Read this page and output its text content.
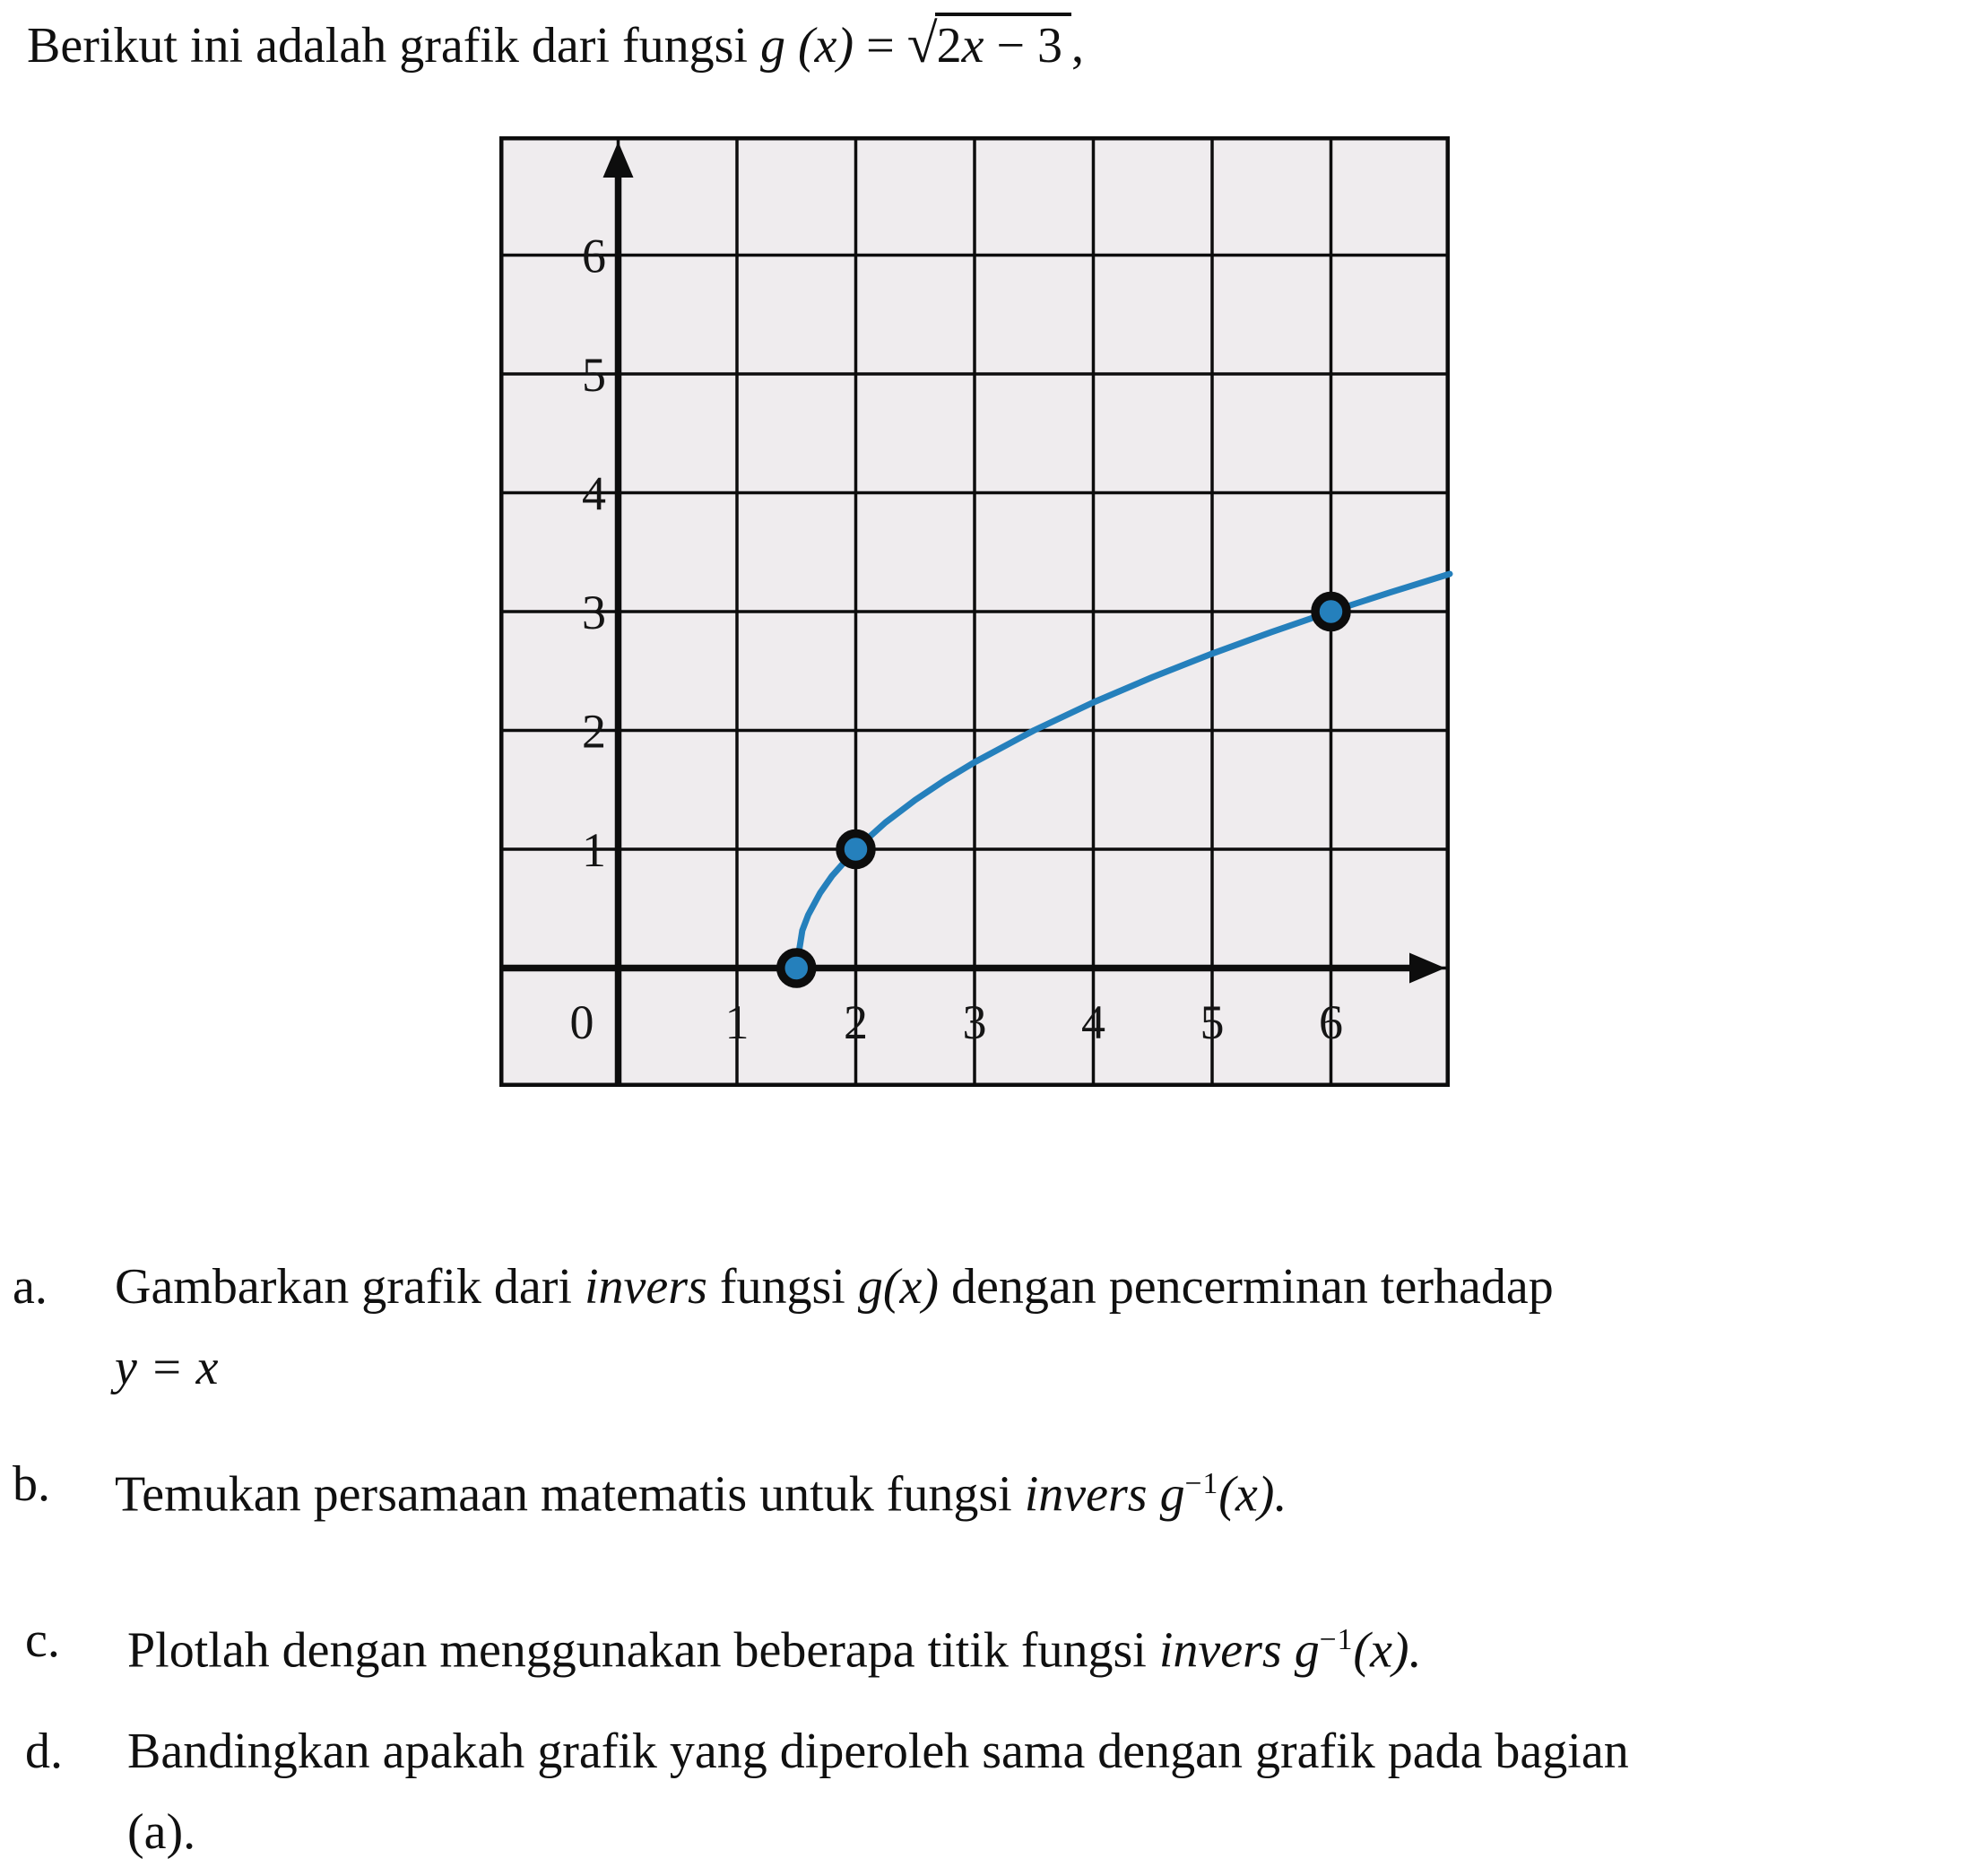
Berikut ini adalah grafik dari fungsi g (x) = √2x − 3 ,
0	1 2 3 4 5 6
6
5
4
3
2
1
a.	Gambarkan grafik dari invers fungsi g(x) dengan pencerminan terhadap
y = x
b.	Temukan persamaan matematis untuk fungsi invers $g^{-1}(x)$.
c.	Plotlah dengan menggunakan beberapa titik fungsi invers $g^{-1}(x)$.
d.	Bandingkan apakah grafik yang diperoleh sama dengan grafik pada bagian
(a).
